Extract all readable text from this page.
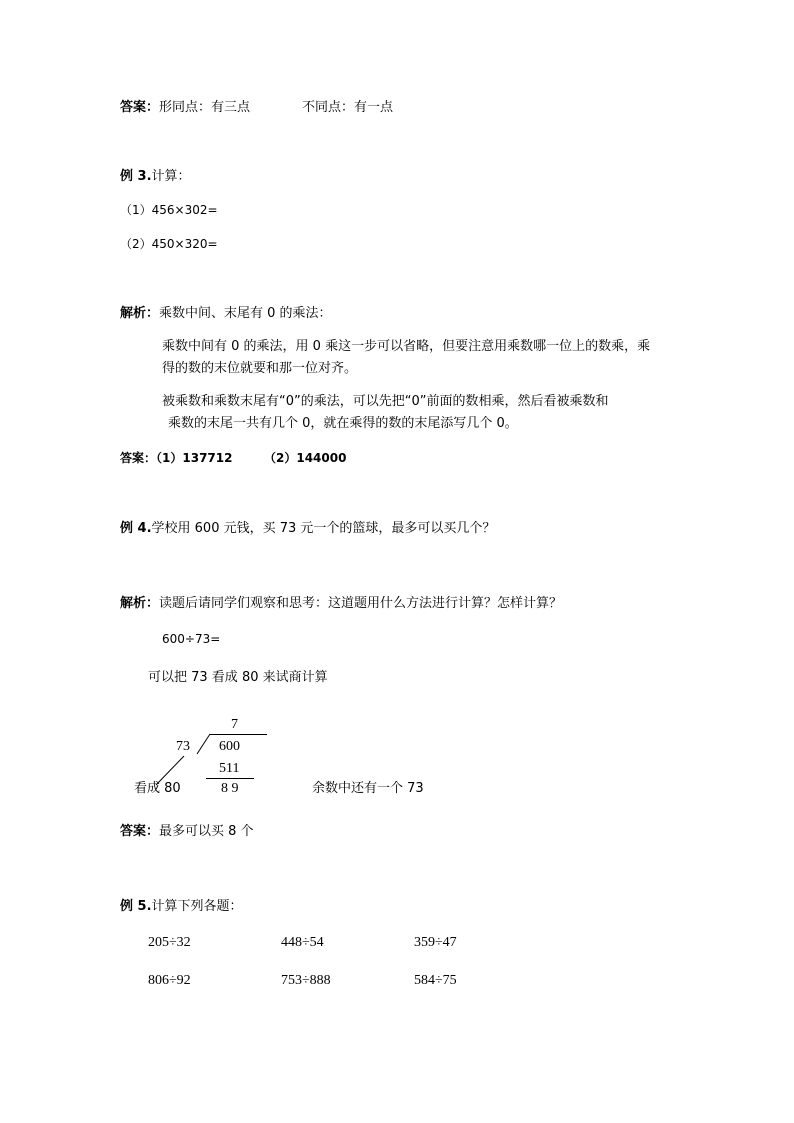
答案：形同点：有三点	不同点：有一点
例 3.计算：
（1）456×302=
（2）450×320=
解析：乘数中间、末尾有 0 的乘法：
乘数中间有 0 的乘法，用 0 乘这一步可以省略，但要注意用乘数哪一位上的数乘，乘
得的数的末位就要和那一位对齐。
被乘数和乘数末尾有“0”的乘法，可以先把“0”前面的数相乘，然后看被乘数和
乘数的末尾一共有几个 0，就在乘得的数的末尾添写几个 0。
答案：（1）137712	（2）144000
例 4.学校用 600 元钱，买 73 元一个的篮球，最多可以买几个？
解析：读题后请同学们观察和思考：这道题用什么方法进行计算？怎样计算？
600÷73=
可以把 73 看成 80 来试商计算
7
73 600
511
8 9
看成 80	余数中还有一个 73
答案：最多可以买 8 个
例 5.计算下列各题：
205÷32	448÷54	359÷47
806÷92	753÷888	584÷75
